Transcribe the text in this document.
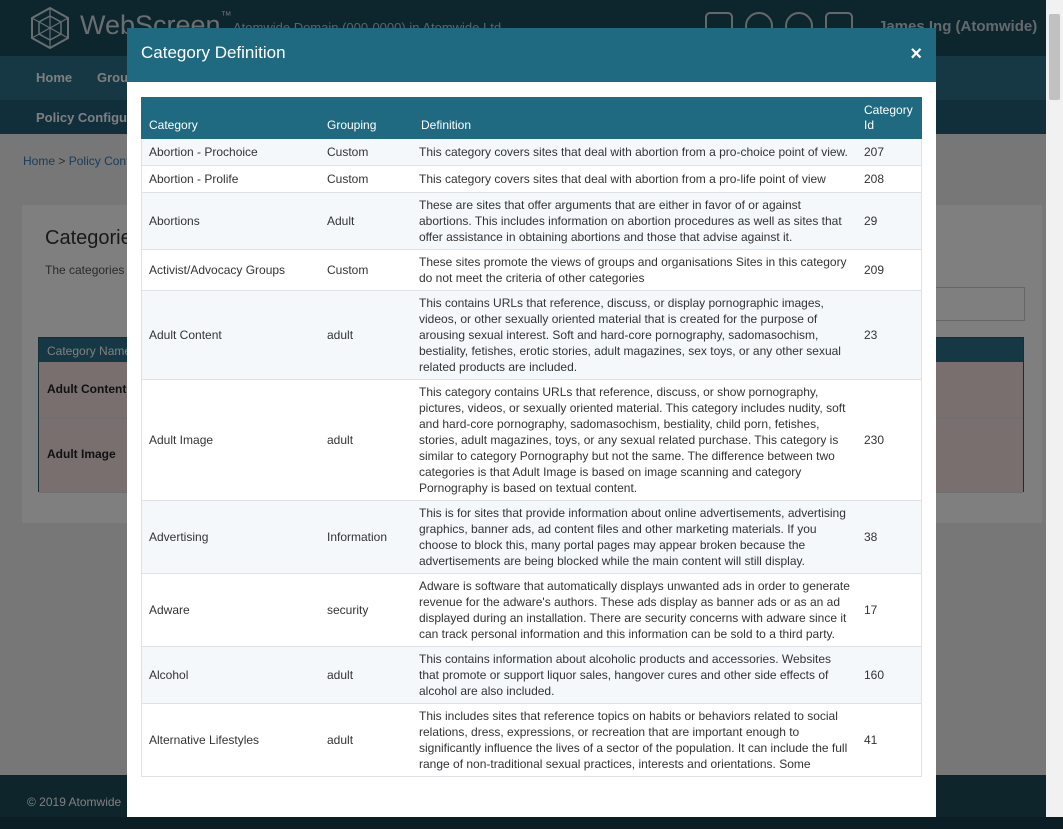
Category Definition	×
Category	Grouping	Definition	Category Id
Abortion - Prochoice	Custom	This category covers sites that deal with abortion from a pro-choice point of view.	207
Abortion - Prolife	Custom	This category covers sites that deal with abortion from a pro-life point of view	208
Abortions	Adult	These are sites that offer arguments that are either in favor of or against abortions. This includes information on abortion procedures as well as sites that offer assistance in obtaining abortions and those that advise against it.	29
Activist/Advocacy Groups	Custom	These sites promote the views of groups and organisations Sites in this category do not meet the criteria of other categories	209
Adult Content	adult	This contains URLs that reference, discuss, or display pornographic images, videos, or other sexually oriented material that is created for the purpose of arousing sexual interest. Soft and hard-core pornography, sadomasochism, bestiality, fetishes, erotic stories, adult magazines, sex toys, or any other sexual related products are included.	23
Adult Image	adult	This category contains URLs that reference, discuss, or show pornography, pictures, videos, or sexually oriented material. This category includes nudity, soft and hard-core pornography, sadomasochism, bestiality, child porn, fetishes, stories, adult magazines, toys, or any sexual related purchase. This category is similar to category Pornography but not the same. The difference between two categories is that Adult Image is based on image scanning and category Pornography is based on textual content.	230
Advertising	Information	This is for sites that provide information about online advertisements, advertising graphics, banner ads, ad content files and other marketing materials. If you choose to block this, many portal pages may appear broken because the advertisements are being blocked while the main content will still display.	38
Adware	security	Adware is software that automatically displays unwanted ads in order to generate revenue for the adware's authors. These ads display as banner ads or as an ad displayed during an installation. There are security concerns with adware since it can track personal information and this information can be sold to a third party.	17
Alcohol	adult	This contains information about alcoholic products and accessories. Websites that promote or support liquor sales, hangover cures and other side effects of alcohol are also included.	160
Alternative Lifestyles	adult	This includes sites that reference topics on habits or behaviors related to social relations, dress, expressions, or recreation that are important enough to significantly influence the lives of a sector of the population. It can include the full range of non-traditional sexual practices, interests and orientations. Some	41
